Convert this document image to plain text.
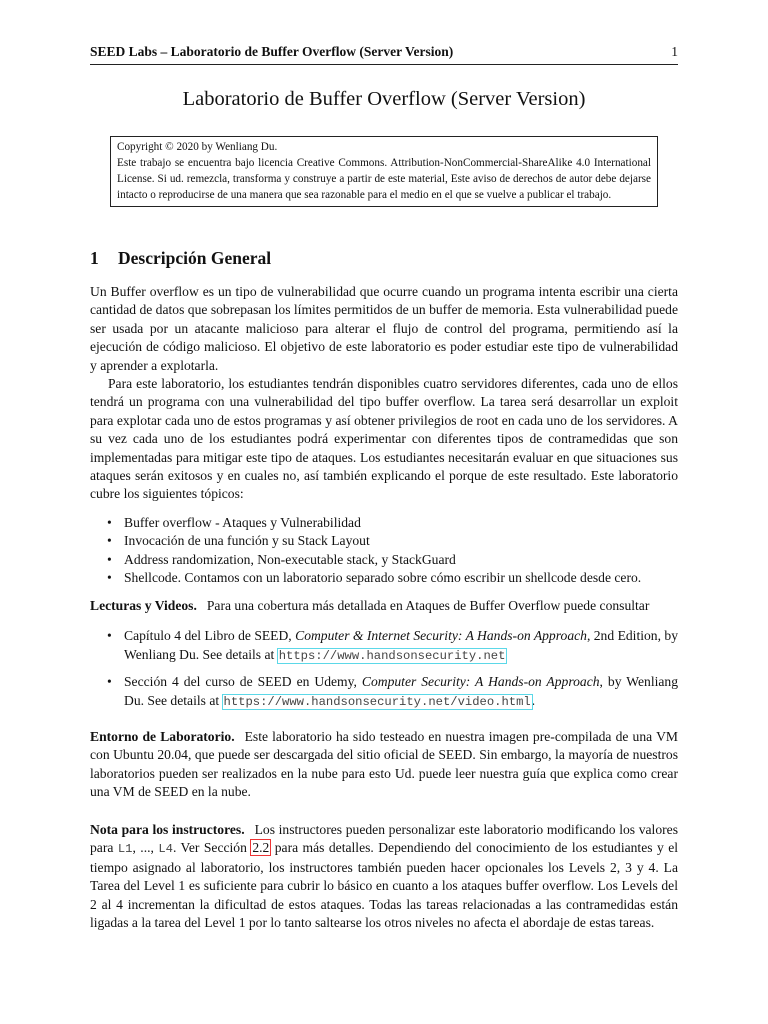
SEED Labs – Laboratorio de Buffer Overflow (Server Version)	1
Laboratorio de Buffer Overflow (Server Version)
Copyright © 2020 by Wenliang Du.
Este trabajo se encuentra bajo licencia Creative Commons. Attribution-NonCommercial-ShareAlike 4.0 International License. Si ud. remezcla, transforma y construye a partir de este material, Este aviso de derechos de autor debe dejarse intacto o reproducirse de una manera que sea razonable para el medio en el que se vuelve a publicar el trabajo.
1 Descripción General

Un Buffer overflow es un tipo de vulnerabilidad que ocurre cuando un programa intenta escribir una cierta cantidad de datos que sobrepasan los límites permitidos de un buffer de memoria. Esta vulnerabilidad puede ser usada por un atacante malicioso para alterar el flujo de control del programa, permitiendo así la ejecución de código malicioso. El objetivo de este laboratorio es poder estudiar este tipo de vulnerabilidad y aprender a explotarla.

Para este laboratorio, los estudiantes tendrán disponibles cuatro servidores diferentes, cada uno de ellos tendrá un programa con una vulnerabilidad del tipo buffer overflow. La tarea será desarrollar un exploit para explotar cada uno de estos programas y así obtener privilegios de root en cada uno de los servidores. A su vez cada uno de los estudiantes podrá experimentar con diferentes tipos de contramedidas que son implementadas para mitigar este tipo de ataques. Los estudiantes necesitarán evaluar en que situaciones sus ataques serán exitosos y en cuales no, así también explicando el porque de este resultado. Este laboratorio cubre los siguientes tópicos:

• Buffer overflow - Ataques y Vulnerabilidad
• Invocación de una función y su Stack Layout
• Address randomization, Non-executable stack, y StackGuard
• Shellcode. Contamos con un laboratorio separado sobre cómo escribir un shellcode desde cero.

Lecturas y Videos. Para una cobertura más detallada en Ataques de Buffer Overflow puede consultar

• Capítulo 4 del Libro de SEED, Computer & Internet Security: A Hands-on Approach, 2nd Edition, by Wenliang Du. See details at https://www.handsonsecurity.net
• Sección 4 del curso de SEED en Udemy, Computer Security: A Hands-on Approach, by Wenliang Du. See details at https://www.handsonsecurity.net/video.html.

Entorno de Laboratorio. Este laboratorio ha sido testeado en nuestra imagen pre-compilada de una VM con Ubuntu 20.04, que puede ser descargada del sitio oficial de SEED. Sin embargo, la mayoría de nuestros laboratorios pueden ser realizados en la nube para esto Ud. puede leer nuestra guía que explica como crear una VM de SEED en la nube.

Nota para los instructores. Los instructores pueden personalizar este laboratorio modificando los valores para L1, ..., L4. Ver Sección 2.2 para más detalles. Dependiendo del conocimiento de los estudiantes y el tiempo asignado al laboratorio, los instructores también pueden hacer opcionales los Levels 2, 3 y 4. La Tarea del Level 1 es suficiente para cubrir lo básico en cuanto a los ataques buffer overflow. Los Levels del 2 al 4 incrementan la dificultad de estos ataques. Todas las tareas relacionadas a las contramedidas están ligadas a la tarea del Level 1 por lo tanto saltearse los otros niveles no afecta el abordaje de estas tareas.
